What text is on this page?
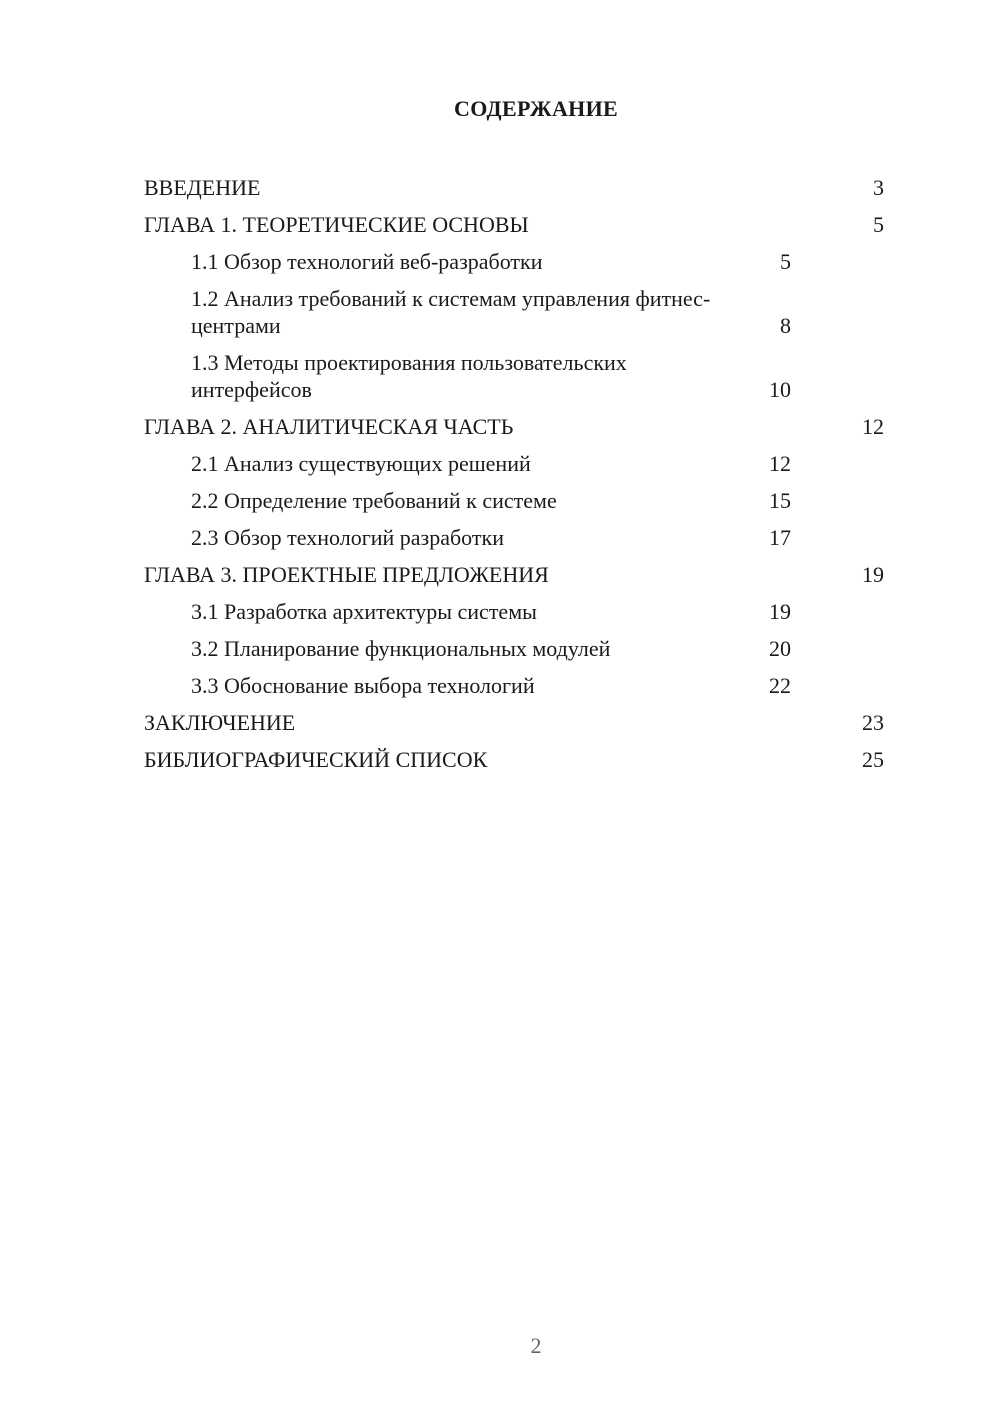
СОДЕРЖАНИЕ
ВВЕДЕНИЕ	3
ГЛАВА 1. ТЕОРЕТИЧЕСКИЕ ОСНОВЫ	5
1.1 Обзор технологий веб-разработки	5
1.2 Анализ требований к системам управления фитнес-центрами	8
1.3 Методы проектирования пользовательских интерфейсов	10
ГЛАВА 2. АНАЛИТИЧЕСКАЯ ЧАСТЬ	12
2.1 Анализ существующих решений	12
2.2 Определение требований к системе	15
2.3 Обзор технологий разработки	17
ГЛАВА 3. ПРОЕКТНЫЕ ПРЕДЛОЖЕНИЯ	19
3.1 Разработка архитектуры системы	19
3.2 Планирование функциональных модулей	20
3.3 Обоснование выбора технологий	22
ЗАКЛЮЧЕНИЕ	23
БИБЛИОГРАФИЧЕСКИЙ СПИСОК	25
2
